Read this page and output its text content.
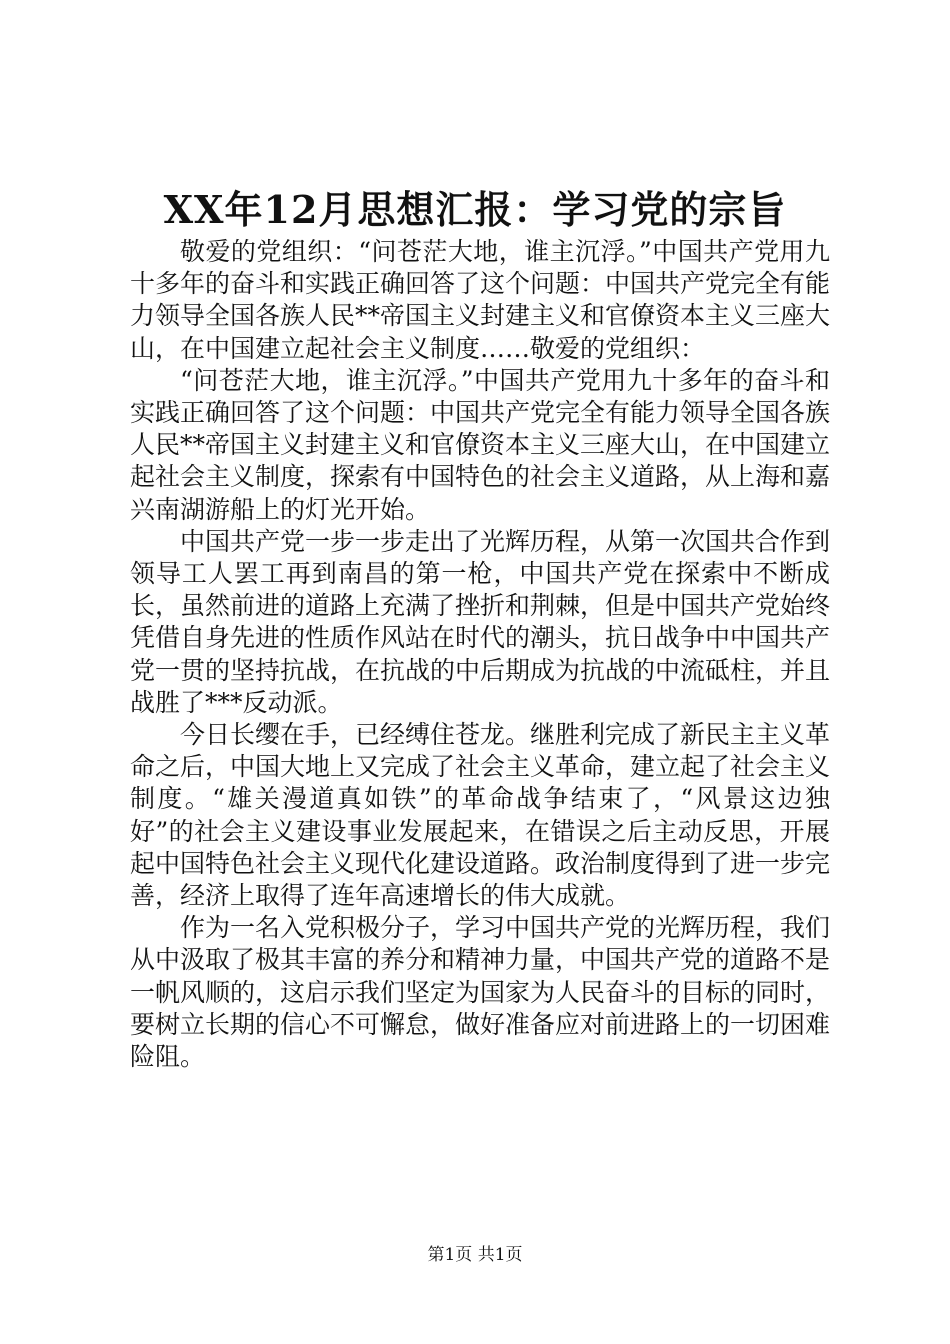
XX年12月思想汇报：学习党的宗旨

敬爱的党组织：“问苍茫大地，谁主沉浮。”中国共产党用九十多年的奋斗和实践正确回答了这个问题：中国共产党完全有能力领导全国各族人民**帝国主义封建主义和官僚资本主义三座大山，在中国建立起社会主义制度……敬爱的党组织：

“问苍茫大地，谁主沉浮。”中国共产党用九十多年的奋斗和实践正确回答了这个问题：中国共产党完全有能力领导全国各族人民**帝国主义封建主义和官僚资本主义三座大山，在中国建立起社会主义制度，探索有中国特色的社会主义道路，从上海和嘉兴南湖游船上的灯光开始。

中国共产党一步一步走出了光辉历程，从第一次国共合作到领导工人罢工再到南昌的第一枪，中国共产党在探索中不断成长，虽然前进的道路上充满了挫折和荆棘，但是中国共产党始终凭借自身先进的性质作风站在时代的潮头，抗日战争中中国共产党一贯的坚持抗战，在抗战的中后期成为抗战的中流砥柱，并且战胜了***反动派。

今日长缨在手，已经缚住苍龙。继胜利完成了新民主主义革命之后，中国大地上又完成了社会主义革命，建立起了社会主义制度。“雄关漫道真如铁”的革命战争结束了，“风景这边独好”的社会主义建设事业发展起来，在错误之后主动反思，开展起中国特色社会主义现代化建设道路。政治制度得到了进一步完善，经济上取得了连年高速增长的伟大成就。

作为一名入党积极分子，学习中国共产党的光辉历程，我们从中汲取了极其丰富的养分和精神力量，中国共产党的道路不是一帆风顺的，这启示我们坚定为国家为人民奋斗的目标的同时，要树立长期的信心不可懈怠，做好准备应对前进路上的一切困难险阻。

第1页 共1页
